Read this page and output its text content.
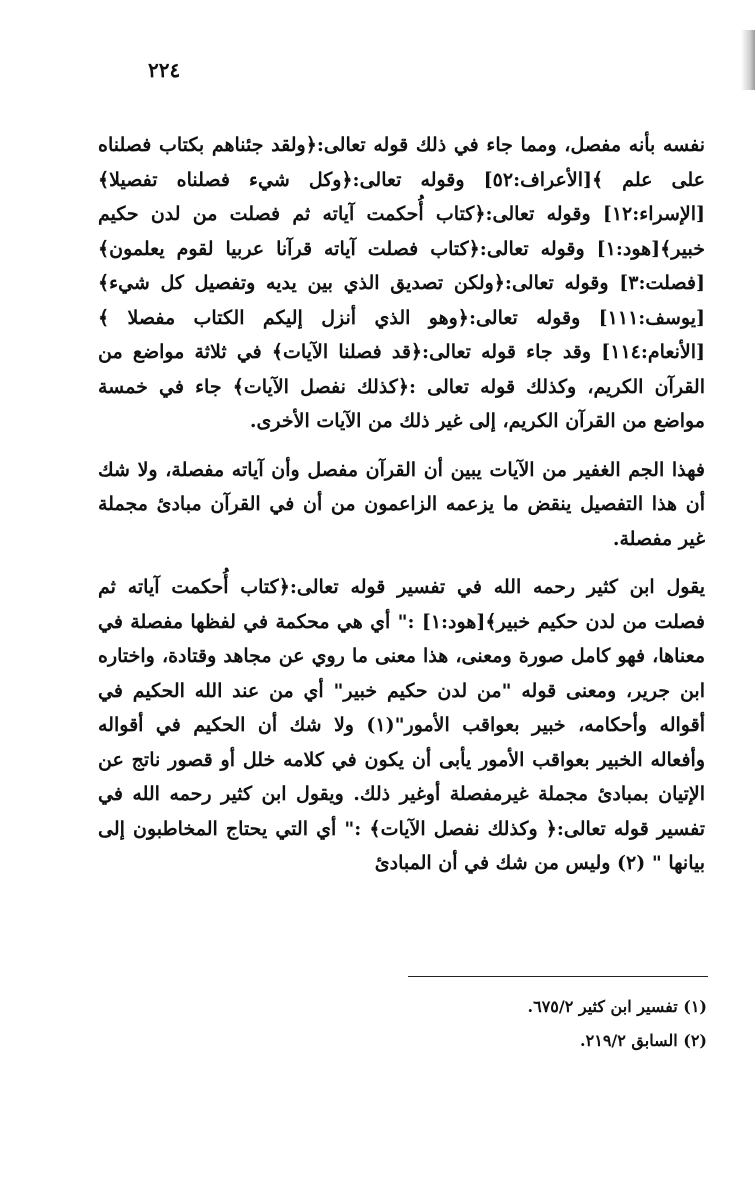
٢٢٤

نفسه بأنه مفصل، ومما جاء في ذلك قوله تعالى:﴿ولقد جئناهم بكتاب فصلناه على علم ﴾[الأعراف:٥٢] وقوله تعالى:﴿وكل شيء فصلناه تفصيلا﴾[الإسراء:١٢] وقوله تعالى:﴿كتاب أُحكمت آياته ثم فصلت من لدن حكيم خبير﴾[هود:١] وقوله تعالى:﴿كتاب فصلت آياته قرآنا عربيا لقوم يعلمون﴾[فصلت:٣] وقوله تعالى:﴿ولكن تصديق الذي بين يديه وتفصيل كل شيء﴾[يوسف:١١١] وقوله تعالى:﴿وهو الذي أنزل إليكم الكتاب مفصلا ﴾[الأنعام:١١٤] وقد جاء قوله تعالى:﴿قد فصلنا الآيات﴾ في ثلاثة مواضع من القرآن الكريم، وكذلك قوله تعالى :﴿كذلك نفصل الآيات﴾ جاء في خمسة مواضع من القرآن الكريم، إلى غير ذلك من الآيات الأخرى.

فهذا الجم الغفير من الآيات يبين أن القرآن مفصل وأن آياته مفصلة، ولا شك أن هذا التفصيل ينقض ما يزعمه الزاعمون من أن في القرآن مبادئ مجملة غير مفصلة.

يقول ابن كثير رحمه الله في تفسير قوله تعالى:﴿كتاب أُحكمت آياته ثم فصلت من لدن حكيم خبير﴾[هود:١] :" أي هي محكمة في لفظها مفصلة في معناها، فهو كامل صورة ومعنى، هذا معنى ما روي عن مجاهد وقتادة، واختاره ابن جرير، ومعنى قوله "من لدن حكيم خبير" أي من عند الله الحكيم في أقواله وأحكامه، خبير بعواقب الأمور"(١) ولا شك أن الحكيم في أقواله وأفعاله الخبير بعواقب الأمور يأبى أن يكون في كلامه خلل أو قصور ناتج عن الإتيان بمبادئ مجملة غيرمفصلة أوغير ذلك. ويقول ابن كثير رحمه الله في تفسير قوله تعالى:﴿ وكذلك نفصل الآيات﴾ :" أي التي يحتاج المخاطبون إلى بيانها " (٢) وليس من شك في أن المبادئ

(١) تفسير ابن كثير ٦٧٥/٢.
(٢) السابق ٢١٩/٢.
